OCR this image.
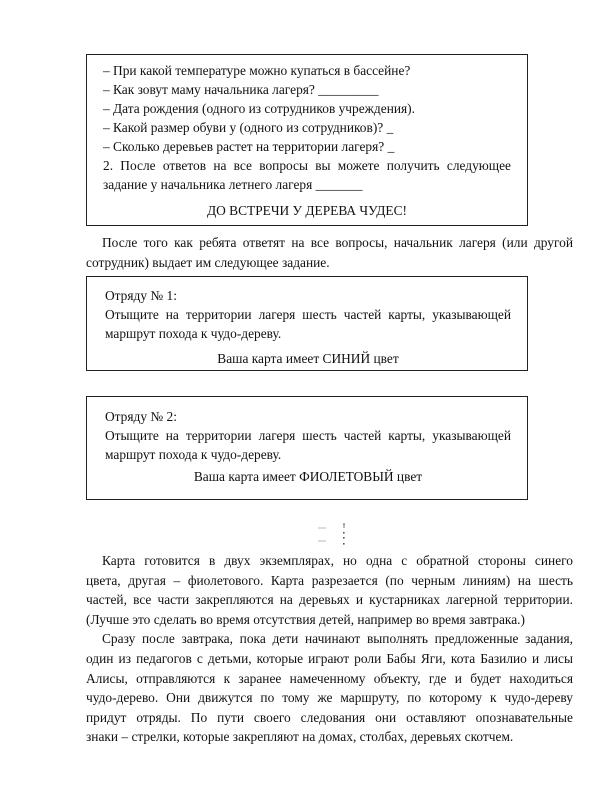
– При какой температуре можно купаться в бассейне?
– Как зовут маму начальника лагеря? _________
– Дата рождения (одного из сотрудников учреждения).
– Какой размер обуви у (одного из сотрудников)? _
– Сколько деревьев растет на территории лагеря? _
2. После ответов на все вопросы вы можете получить следующее
задание у начальника летнего лагеря _______
ДО ВСТРЕЧИ У ДЕРЕВА ЧУДЕС!
После того как ребята ответят на все вопросы, начальник лагеря (или другой
сотрудник) выдает им следующее задание.
Отряду № 1:
Отыщите на территории лагеря шесть частей карты, указывающей
маршрут похода к чудо-дереву.
Ваша карта имеет СИНИЙ цвет
Отряду № 2:
Отыщите на территории лагеря шесть частей карты, указывающей
маршрут похода к чудо-дереву.
Ваша карта имеет ФИОЛЕТОВЫЙ цвет
Карта готовится в двух экземплярах, но одна с обратной стороны синего
цвета, другая – фиолетового. Карта разрезается (по черным линиям) на шесть
частей, все части закрепляются на деревьях и кустарниках лагерной территории.
(Лучше это сделать во время отсутствия детей, например во время завтрака.)
Сразу после завтрака, пока дети начинают выполнять предложенные задания,
один из педагогов с детьми, которые играют роли Бабы Яги, кота Базилио и лисы
Алисы, отправляются к заранее намеченному объекту, где и будет находиться
чудо-дерево. Они движутся по тому же маршруту, по которому к чудо-дереву
придут отряды. По пути своего следования они оставляют опознавательные
знаки – стрелки, которые закрепляют на домах, столбах, деревьях скотчем.
